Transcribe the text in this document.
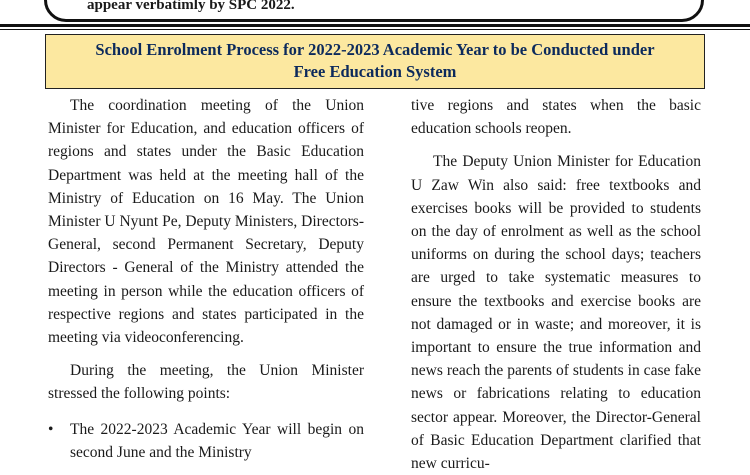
appear verbatimly by SPC 2022.
School Enrolment Process for 2022-2023 Academic Year to be Conducted under
Free Education System

The coordination meeting of the Union Minister for Education, and education officers of regions and states under the Basic Education Department was held at the meeting hall of the Ministry of Education on 16 May. The Union Minister U Nyunt Pe, Deputy Ministers, Directors-General, second Permanent Secretary, Deputy Directors - General of the Ministry attended the meeting in person while the education officers of respective regions and states participated in the meeting via videoconferencing.

During the meeting, the Union Minister stressed the following points:

• The 2022-2023 Academic Year will begin on second June and the Ministry

tive regions and states when the basic education schools reopen.

The Deputy Union Minister for Education U Zaw Win also said: free textbooks and exercises books will be provided to students on the day of enrolment as well as the school uniforms on during the school days; teachers are urged to take systematic measures to ensure the textbooks and exercise books are not damaged or in waste; and moreover, it is important to ensure the true information and news reach the parents of students in case fake news or fabrications relating to education sector appear. Moreover, the Director-General of Basic Education Department clarified that new curricu-
